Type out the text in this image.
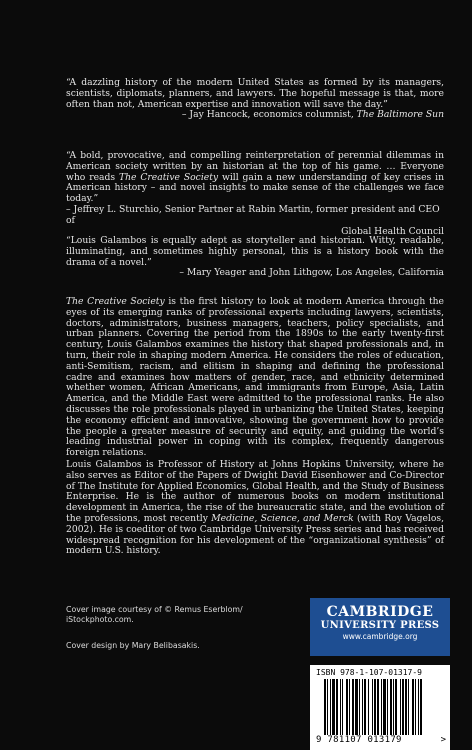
“A dazzling history of the modern United States as formed by its managers, scientists, diplomats, planners, and lawyers. The hopeful message is that, more often than not, American expertise and innovation will save the day.”
– Jay Hancock, economics columnist, The Baltimore Sun
“A bold, provocative, and compelling reinterpretation of perennial dilemmas in American society written by an historian at the top of his game. … Everyone who reads The Creative Society will gain a new understanding of key crises in American history – and novel insights to make sense of the challenges we face today.”
– Jeffrey L. Sturchio, Senior Partner at Rabin Martin, former president and CEO of
Global Health Council
“Louis Galambos is equally adept as storyteller and historian. Witty, readable, illuminating, and sometimes highly personal, this is a history book with the drama of a novel.”
– Mary Yeager and John Lithgow, Los Angeles, California
The Creative Society is the first history to look at modern America through the eyes of its emerging ranks of professional experts including lawyers, scientists, doctors, administrators, business managers, teachers, policy specialists, and urban planners. Covering the period from the 1890s to the early twenty-first century, Louis Galambos examines the history that shaped professionals and, in turn, their role in shaping modern America. He considers the roles of education, anti-Semitism, racism, and elitism in shaping and defining the professional cadre and examines how matters of gender, race, and ethnicity determined whether women, African Americans, and immigrants from Europe, Asia, Latin America, and the Middle East were admitted to the professional ranks. He also discusses the role professionals played in urbanizing the United States, keeping the economy efficient and innovative, showing the government how to provide the people a greater measure of security and equity, and guiding the world’s leading industrial power in coping with its complex, frequently dangerous foreign relations.
Louis Galambos is Professor of History at Johns Hopkins University, where he also serves as Editor of the Papers of Dwight David Eisenhower and Co-Director of The Institute for Applied Economics, Global Health, and the Study of Business Enterprise. He is the author of numerous books on modern institutional development in America, the rise of the bureaucratic state, and the evolution of the professions, most recently Medicine, Science, and Merck (with Roy Vagelos, 2002). He is coeditor of two Cambridge University Press series and has received widespread recognition for his development of the “organizational synthesis” of modern U.S. history.
Cover image courtesy of © Remus Eserblom/
iStockphoto.com.
Cover design by Mary Belibasakis.
CAMBRIDGE
UNIVERSITY PRESS
www.cambridge.org
ISBN 978-1-107-01317-9
9 781107 013179	>
